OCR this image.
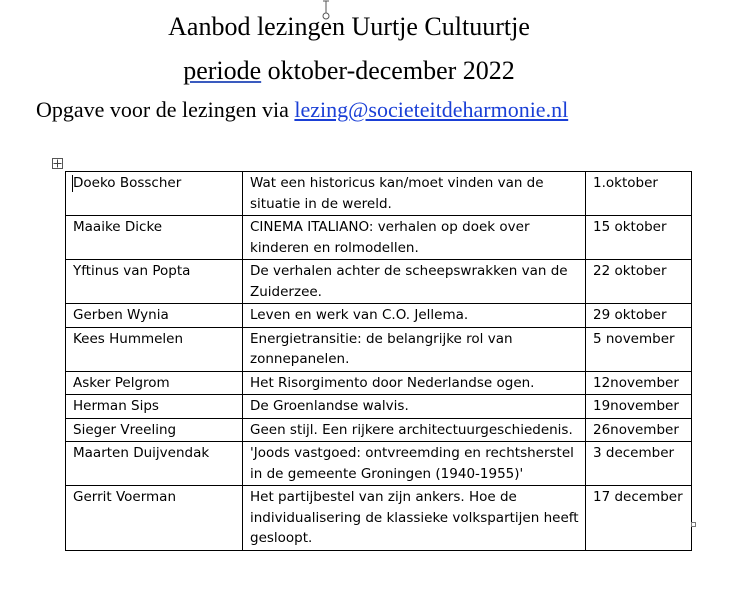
Aanbod lezingen Uurtje Cultuurtje
periode oktober-december 2022
Opgave voor de lezingen via lezing@societeitdeharmonie.nl
Doeko Bosscher	Wat een historicus kan/moet vinden van de situatie in de wereld.	1.oktober
Maaike Dicke	CINEMA ITALIANO: verhalen op doek over kinderen en rolmodellen.	15 oktober
Yftinus van Popta	De verhalen achter de scheepswrakken van de Zuiderzee.	22 oktober
Gerben Wynia	Leven en werk van C.O. Jellema.	29 oktober
Kees Hummelen	Energietransitie: de belangrijke rol van zonnepanelen.	5 november
Asker Pelgrom	Het Risorgimento door Nederlandse ogen.	12november
Herman Sips	De Groenlandse walvis.	19november
Sieger Vreeling	Geen stijl. Een rijkere architectuurgeschiedenis.	26november
Maarten Duijvendak	'Joods vastgoed: ontvreemding en rechtsherstel in de gemeente Groningen (1940-1955)'	3 december
Gerrit Voerman	Het partijbestel van zijn ankers. Hoe de individualisering de klassieke volkspartijen heeft gesloopt.	17 december
